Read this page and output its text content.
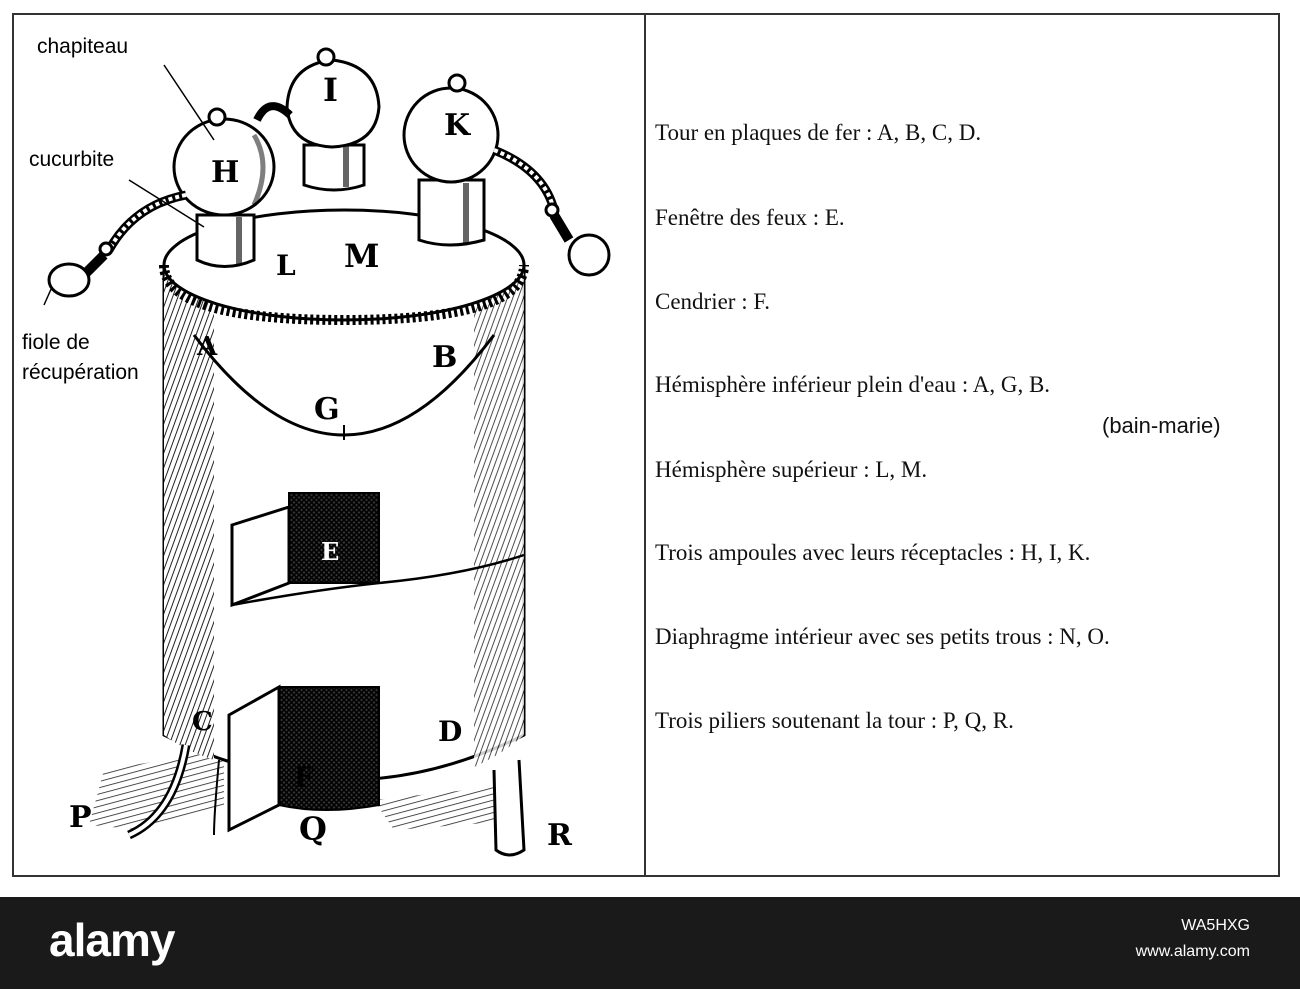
chapiteau
cucurbite
fiole de
récupération
H
I
K
L M
A	B
G
E
C	D
F
P	Q	R
Tour en plaques de fer : A, B, C, D.
Fenêtre des feux : E.
Cendrier : F.
Hémisphère inférieur plein d'eau : A, G, B.
(bain-marie)
Hémisphère supérieur : L, M.
Trois ampoules avec leurs réceptacles : H, I, K.
Diaphragme intérieur avec ses petits trous : N, O.
Trois piliers soutenant la tour : P, Q, R.
alamy	WA5HXG
www.alamy.com
